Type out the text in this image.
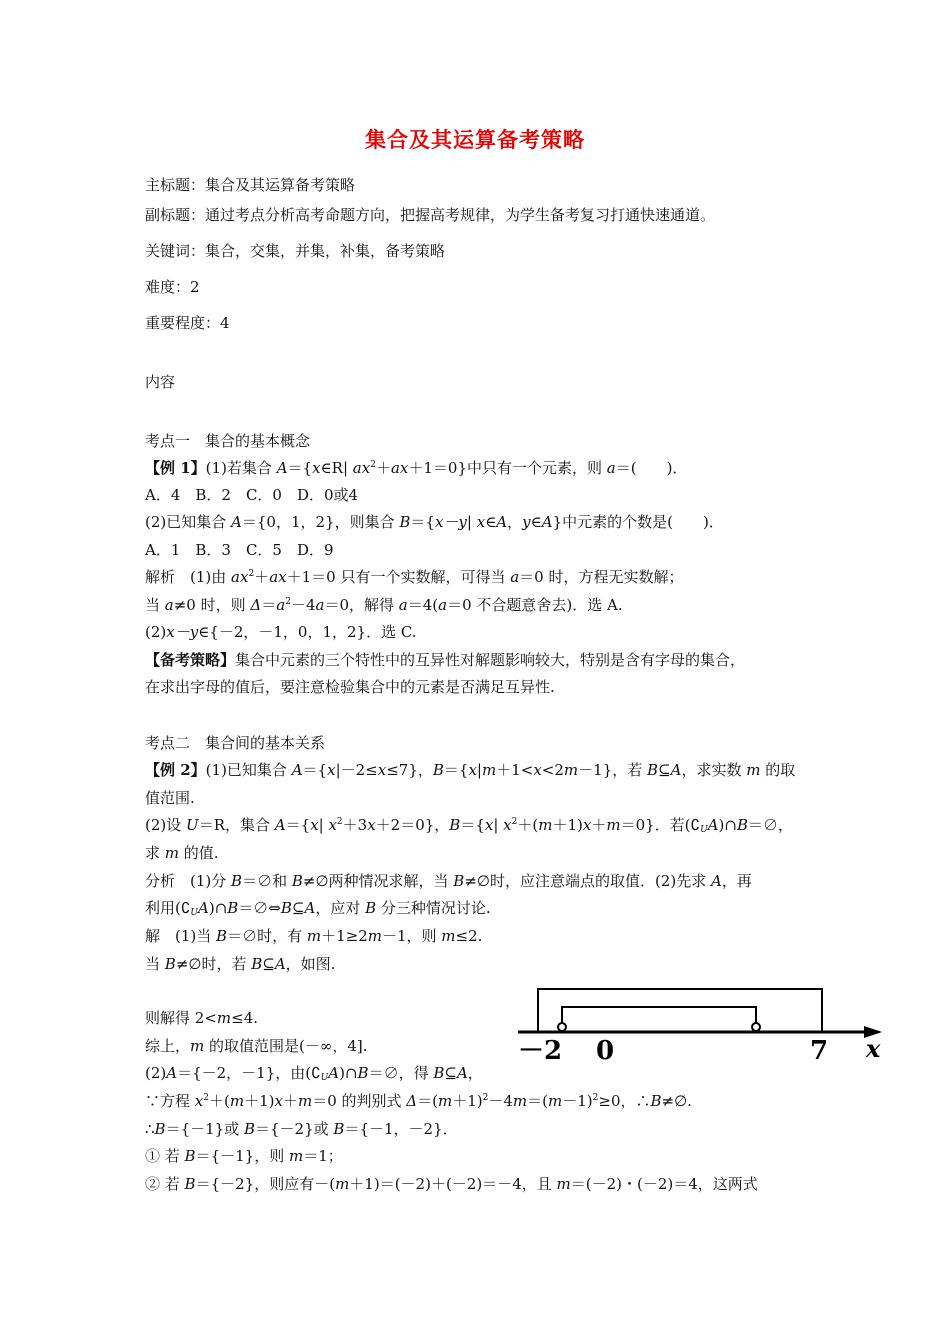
集合及其运算备考策略
主标题：集合及其运算备考策略
副标题：通过考点分析高考命题方向，把握高考规律，为学生备考复习打通快速通道。
关键词：集合，交集，并集，补集，备考策略
难度：2
重要程度：4
内容
考点一　集合的基本概念
【例 1】(1)若集合 A＝{x∈R| $ax^2+ax+1=0$}中只有一个元素，则 a＝(　　)．
A．4　B．2　C．0　D．0或4
(2)已知集合 A＝{0，1，2}，则集合 B＝{x－y| x∈A，y∈A}中元素的个数是(　　)．
A．1　B．3　C．5　D．9
解析　(1)由 $ax^2+ax+1=0$ 只有一个实数解，可得当 a＝0 时，方程无实数解；
当 a≠0 时，则 $\Delta=a^2-4a=0$，解得 a＝4(a＝0 不合题意舍去)．选 A.
(2)x－y∈{－2，－1，0，1，2}．选 C.
【备考策略】集合中元素的三个特性中的互异性对解题影响较大，特别是含有字母的集合，
在求出字母的值后，要注意检验集合中的元素是否满足互异性.
考点二　集合间的基本关系
【例 2】(1)已知集合 A＝{x|－2≤x≤7}，B＝{x|m＋1<x<2m－1}，若 B⊆A，求实数 m 的取
值范围.
(2)设 U＝R，集合 A＝{x| $x^2+3x+2=0$}，B＝{x| $x^2+(m+1)x+m=0$}．若$(∁_UA)\cap B=\emptyset$，
求 m 的值.
分析　(1)分 B＝∅和 B≠∅两种情况求解，当 B≠∅时，应注意端点的取值．(2)先求 A，再
利用$(∁_UA)\cap B=\emptyset\Leftrightarrow B⊆A$，应对 B 分三种情况讨论.
解　(1)当 B＝∅时，有 m＋1≥2m－1，则 m≤2.
当 B≠∅时，若 B⊆A，如图.
则解得 2<m≤4.
综上，m 的取值范围是(－∞，4].
(2)A＝{－2，－1}，由$(∁_UA)\cap B=\emptyset$，得 B⊆A，
∵方程 $x^2+(m+1)x+m=0$ 的判别式 $\Delta=(m+1)^2-4m=(m-1)^2\ge 0$，∴B≠∅.
∴B＝{－1}或 B＝{－2}或 B＝{－1，－2}．
① 若 B＝{－1}，则 m＝1；
② 若 B＝{－2}，则应有－(m＋1)＝(－2)＋(－2)＝－4，且 m＝(－2)・(－2)＝4，这两式
－2 0	7 x
